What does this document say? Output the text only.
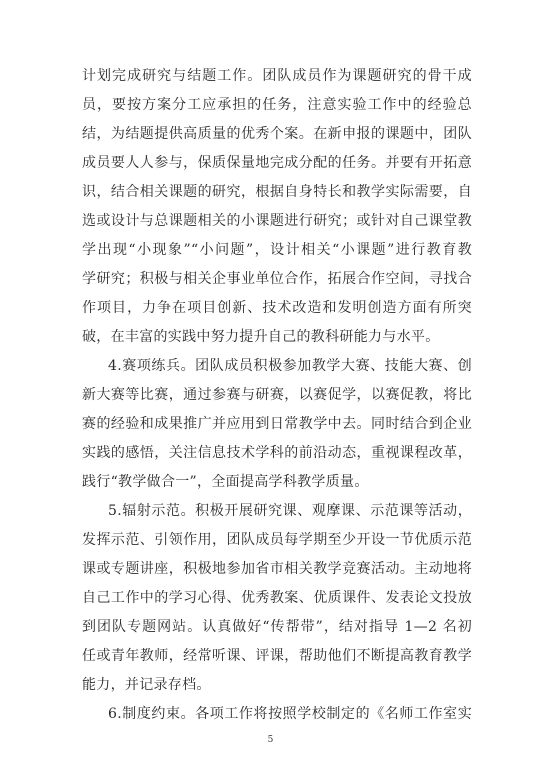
计划完成研究与结题工作。团队成员作为课题研究的骨干成
员，要按方案分工应承担的任务，注意实验工作中的经验总
结，为结题提供高质量的优秀个案。在新申报的课题中，团队
成员要人人参与，保质保量地完成分配的任务。并要有开拓意
识，结合相关课题的研究，根据自身特长和教学实际需要，自
选或设计与总课题相关的小课题进行研究；或针对自己课堂教
学出现“小现象”“小问题”，设计相关“小课题”进行教育教
学研究；积极与相关企事业单位合作，拓展合作空间，寻找合
作项目，力争在项目创新、技术改造和发明创造方面有所突
破，在丰富的实践中努力提升自己的教科研能力与水平。
4.赛项练兵。团队成员积极参加教学大赛、技能大赛、创
新大赛等比赛，通过参赛与研赛，以赛促学，以赛促教，将比
赛的经验和成果推广并应用到日常教学中去。同时结合到企业
实践的感悟，关注信息技术学科的前沿动态，重视课程改革，
践行“教学做合一”，全面提高学科教学质量。
5.辐射示范。积极开展研究课、观摩课、示范课等活动，
发挥示范、引领作用，团队成员每学期至少开设一节优质示范
课或专题讲座，积极地参加省市相关教学竞赛活动。主动地将
自己工作中的学习心得、优秀教案、优质课件、发表论文投放
到团队专题网站。认真做好“传帮带”，结对指导 1—2 名初
任或青年教师，经常听课、评课，帮助他们不断提高教育教学
能力，并记录存档。
6.制度约束。各项工作将按照学校制定的《名师工作室实
5
